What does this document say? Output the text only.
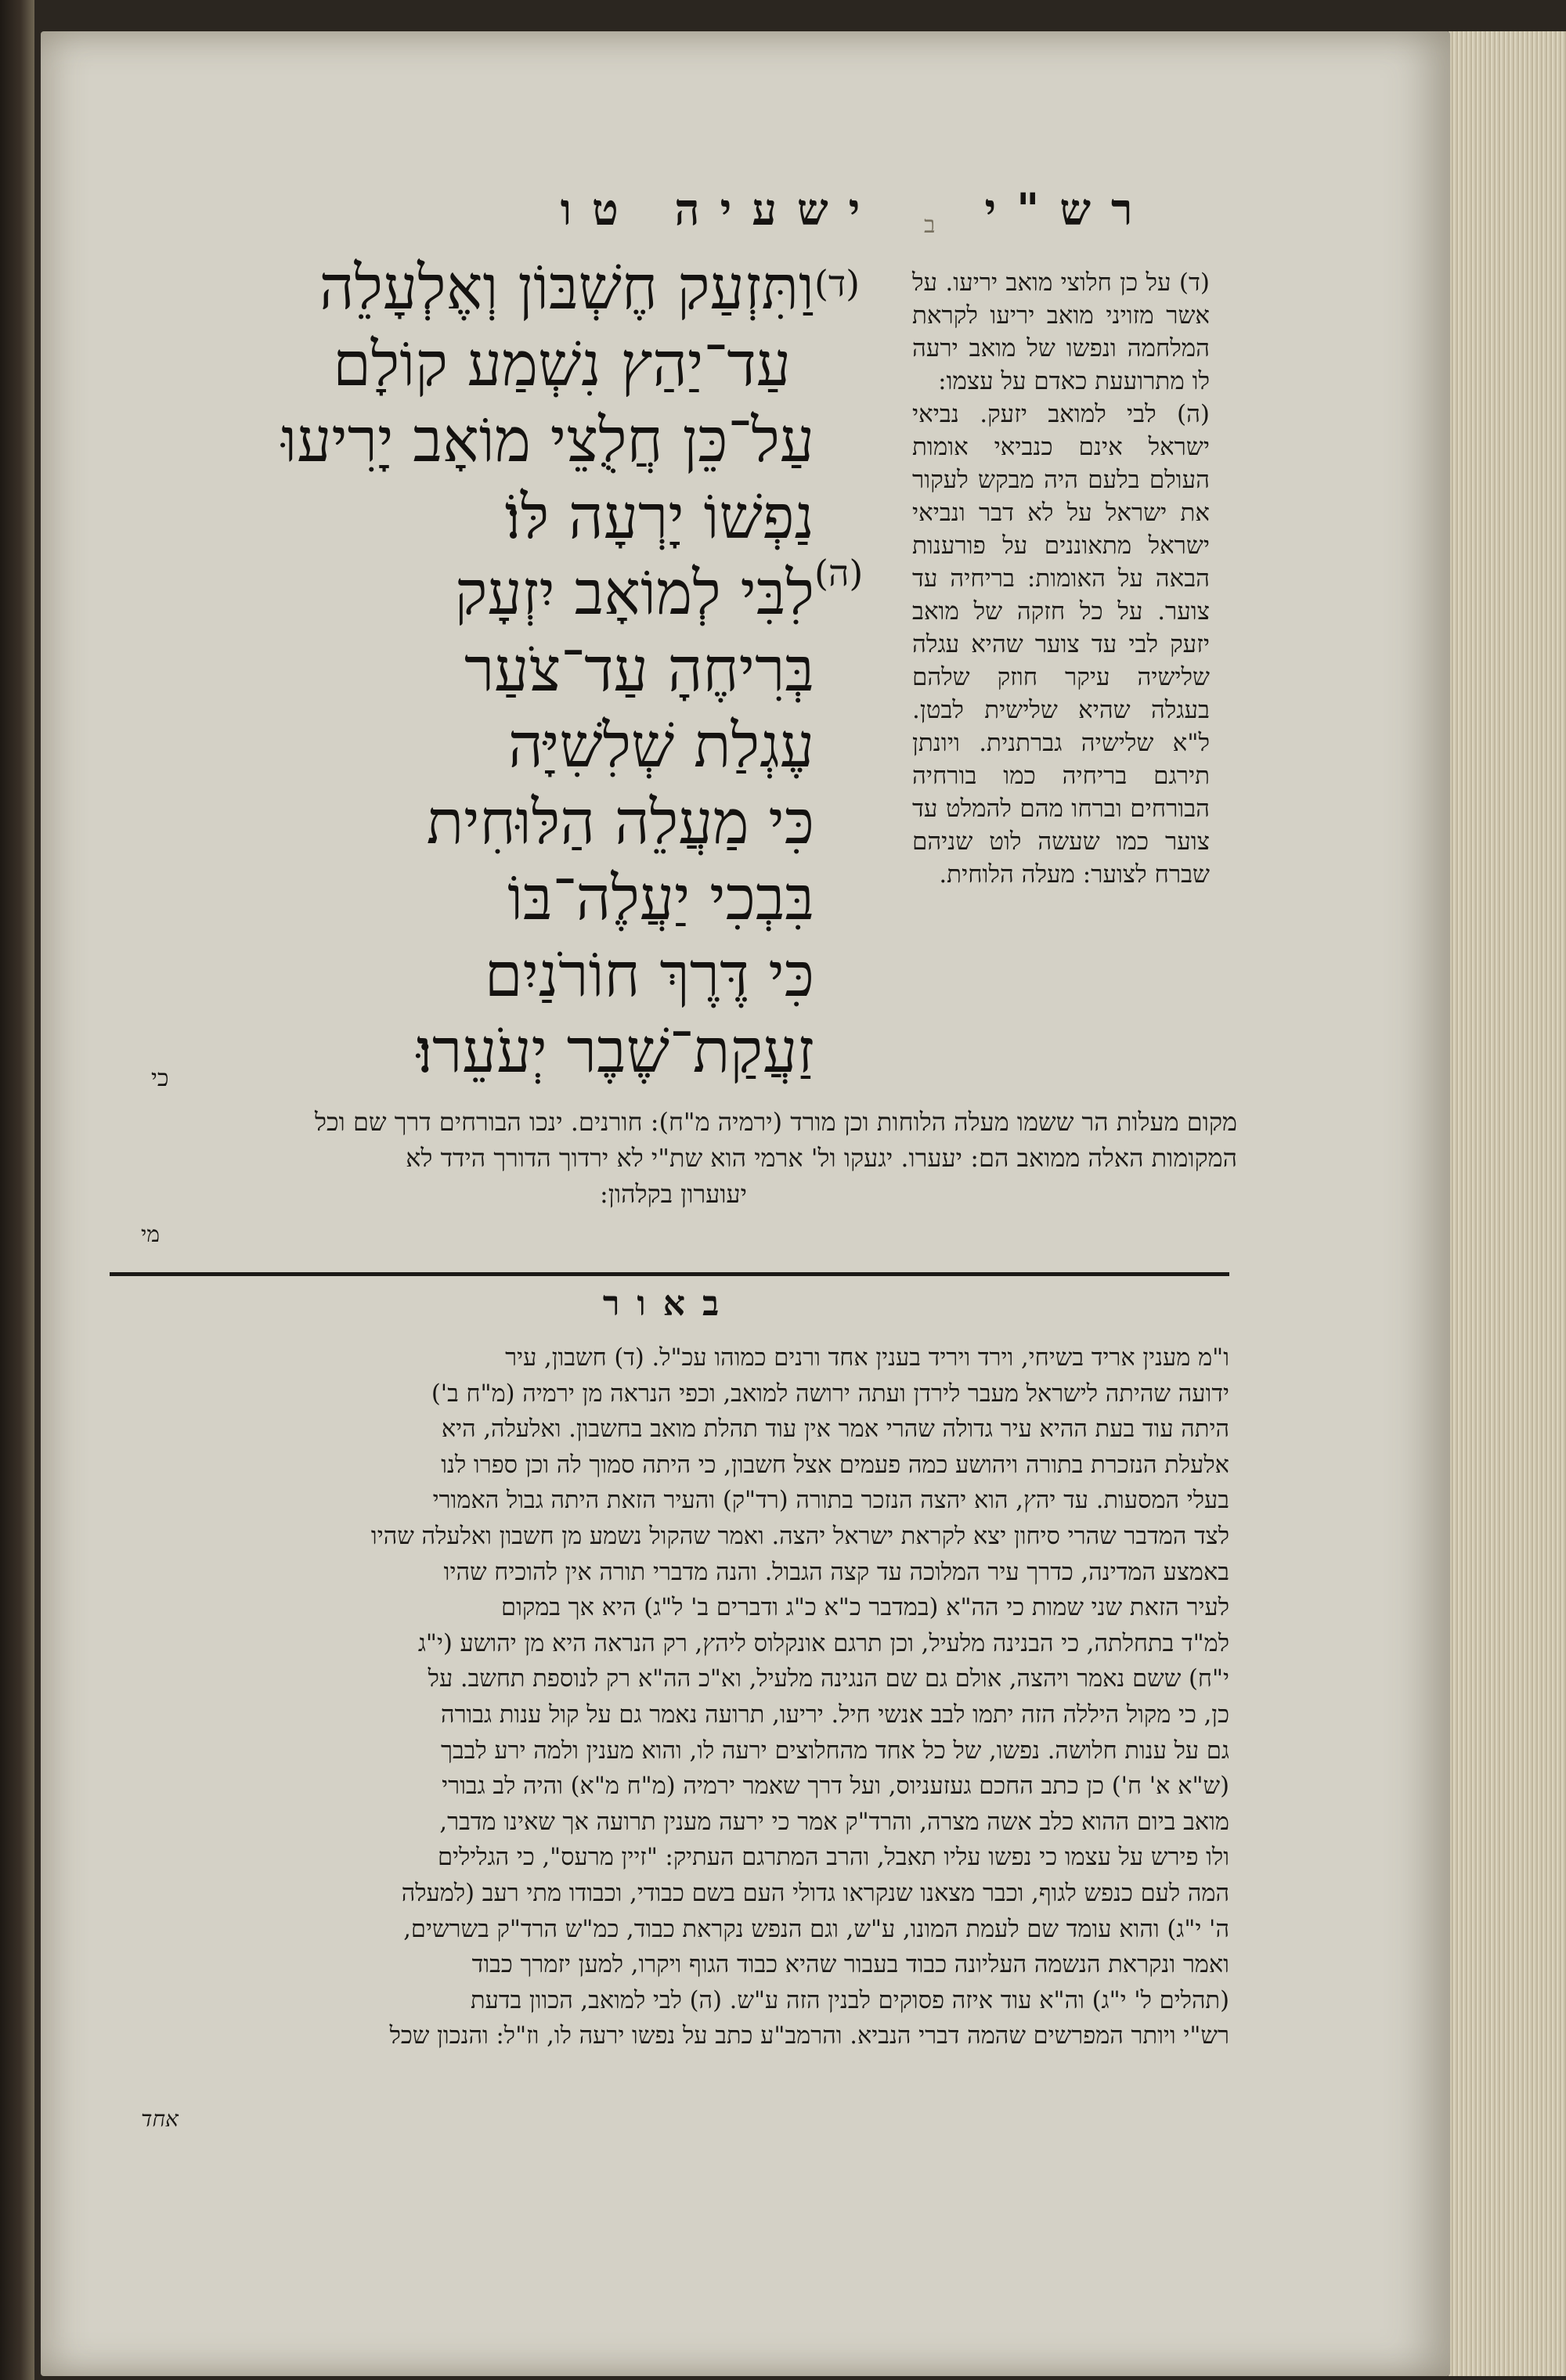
ישעיה טו	רש"י
ב
(ד)
(ה)
וַתִּזְעַק חֶשְׁבּוֹן וְאֶלְעָלֵה
עַד־יַהַץ נִשְׁמַע קוֹלָם
עַל־כֵּן חֲלֻצֵי מוֹאָב יָרִיעוּ
נַפְשׁוֹ יָרְעָה לּוֹ׃
לִבִּי לְמוֹאָב יִזְעָק
בְּרִיחֶהָ עַד־צֹעַר
עֶגְלַת שְׁלִשִׁיָּה
כִּי מַעֲלֵה הַלּוּחִית
בִּבְכִי יַעֲלֶה־בּוֹ
כִּי דֶּרֶךְ חוֹרֹנַיִם
זַעֲקַת־שֶׁבֶר יְעֹעֵרוּ׃
כי

(ד) על כן חלוצי מואב יריעו. על אשר מזויני מואב יריעו לקראת המלחמה ונפשו של מואב ירעה לו מתרועעת כאדם על עצמו:

(ה) לבי למואב יזעק. נביאי ישראל אינם כנביאי אומות העולם בלעם היה מבקש לעקור את ישראל על לא דבר ונביאי ישראל מתאוננים על פורענות הבאה על האומות: בריחיה עד צוער. על כל חזקה של מואב יזעק לבי עד צוער שהיא עגלה שלישיה עיקר חוזק שלהם בעגלה שהיא שלישית לבטן. ל"א שלישיה גברתנית. ויונתן תירגם בריחיה כמו בורחיה הבורחים וברחו מהם להמלט עד צוער כמו שעשה לוט שניהם שברח לצוער: מעלה הלוחית.

מקום מעלות הר ששמו מעלה הלוחות וכן מורד (ירמיה מ"ח): חורנים. ינכו הבורחים דרך שם וכל

המקומות האלה ממואב הם: יעערו. יגעקו ול' ארמי הוא שת"י לא ירדוך הדורך הידד לא

יעוערון בקלהון:

מי
באור

ו"מ מענין אריד בשיחי, וירד ויריד בענין אחד ורנים כמוהו עכ"ל. (ד) חשבון, עיר

ידועה שהיתה לישראל מעבר לירדן ועתה ירושה למואב, וכפי הנראה מן ירמיה (מ"ח ב')

היתה עוד בעת ההיא עיר גדולה שהרי אמר אין עוד תהלת מואב בחשבון. ואלעלה, היא

אלעלת הנזכרת בתורה ויהושע כמה פעמים אצל חשבון, כי היתה סמוך לה וכן ספרו לנו

בעלי המסעות. עד יהץ, הוא יהצה הנזכר בתורה (רד"ק) והעיר הזאת היתה גבול האמורי

לצד המדבר שהרי סיחון יצא לקראת ישראל יהצה. ואמר שהקול נשמע מן חשבון ואלעלה שהיו

באמצע המדינה, כדרך עיר המלוכה עד קצה הגבול. והנה מדברי תורה אין להוכיח שהיו

לעיר הזאת שני שמות כי הה"א (במדבר כ"א כ"ג ודברים ב' ל"ג) היא אך במקום

למ"ד בתחלתה, כי הבנינה מלעיל, וכן תרגם אונקלוס ליהץ, רק הנראה היא מן יהושע (י"ג

י"ח) ששם נאמר ויהצה, אולם גם שם הנגינה מלעיל, וא"כ הה"א רק לנוספת תחשב. על

כן, כי מקול היללה הזה יתמו לבב אנשי חיל. יריעו, תרועה נאמר גם על קול ענות גבורה

גם על ענות חלושה. נפשו, של כל אחד מהחלוצים ירעה לו, והוא מענין ולמה ירע לבבך

(ש"א א' ח') כן כתב החכם געזעניוס, ועל דרך שאמר ירמיה (מ"ח מ"א) והיה לב גבורי

מואב ביום ההוא כלב אשה מצרה, והרד"ק אמר כי ירעה מענין תרועה אך שאינו מדבר,

ולו פירש על עצמו כי נפשו עליו תאבל, והרב המתרגם העתיק: "זיין מרעס", כי הגלילים

המה לעם כנפש לגוף, וכבר מצאנו שנקראו גדולי העם בשם כבודי, וכבודו מתי רעב (למעלה

ה' י"ג) והוא עומד שם לעמת המונו, ע"ש, וגם הנפש נקראת כבוד, כמ"ש הרד"ק בשרשים,

ואמר ונקראת הנשמה העליונה כבוד בעבור שהיא כבוד הגוף ויקרו, למען יזמרך כבוד

(תהלים ל' י"ג) וה"א עוד איזה פסוקים לבנין הזה ע"ש. (ה) לבי למואב, הכוון בדעת

רש"י ויותר המפרשים שהמה דברי הנביא. והרמב"ע כתב על נפשו ירעה לו, וז"ל: והנכון שכל

אחד
